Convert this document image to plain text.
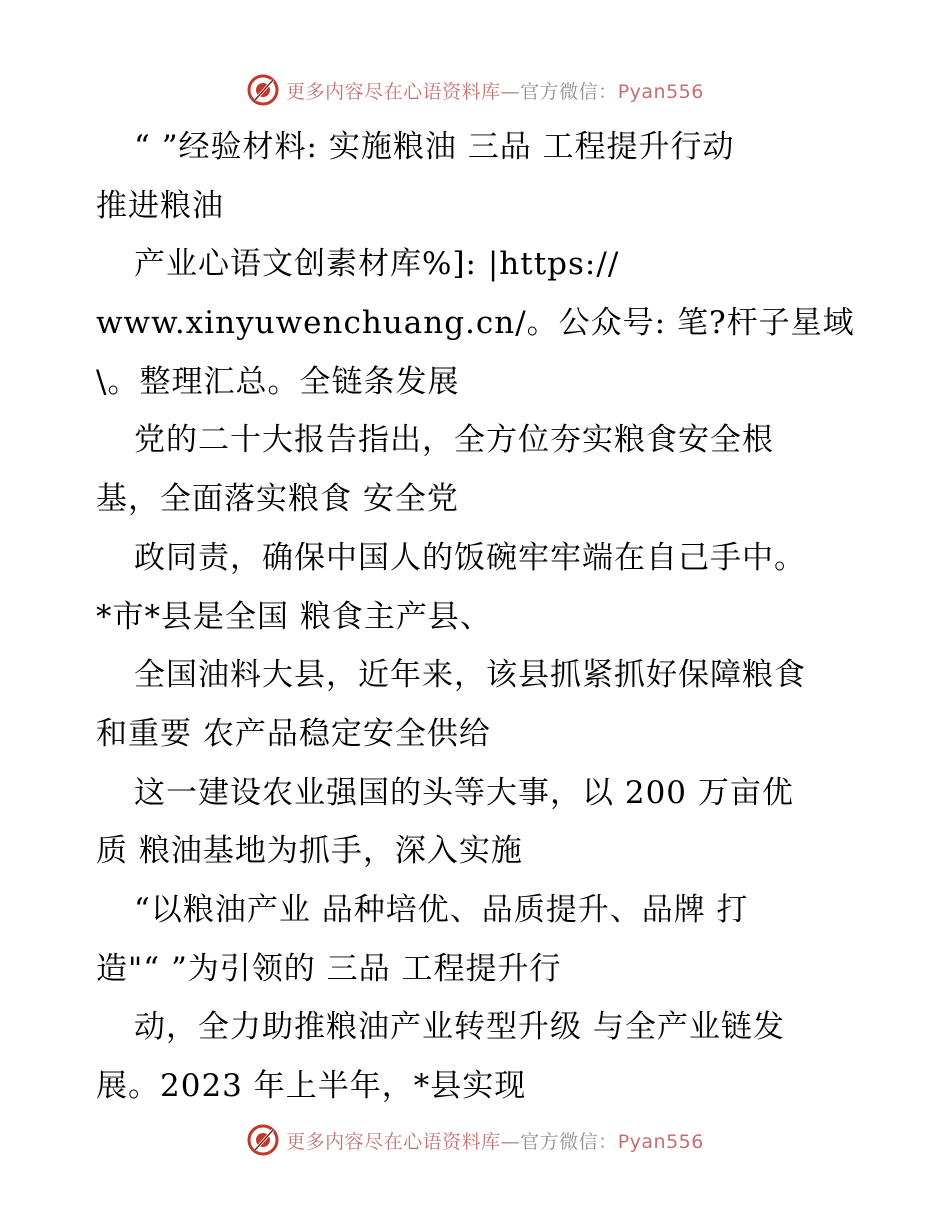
更多内容尽在心语资料库—官方微信：Pyan556
“ ”经验材料: 实施粮油 三品 工程提升行动
推进粮油
产业心语文创素材库%]: |https://
www.xinyuwenchuang.cn/。公众号: 笔?杆子星域
\。整理汇总。全链条发展
党的二十大报告指出，全方位夯实粮食安全根
基，全面落实粮食 安全党
政同责，确保中国人的饭碗牢牢端在自己手中。
*市*县是全国 粮食主产县、
全国油料大县，近年来，该县抓紧抓好保障粮食
和重要 农产品稳定安全供给
这一建设农业强国的头等大事，以 200 万亩优
质 粮油基地为抓手，深入实施
“以粮油产业 品种培优、品质提升、品牌 打
造"“ ”为引领的 三品 工程提升行
动，全力助推粮油产业转型升级 与全产业链发
展。2023 年上半年，*县实现
更多内容尽在心语资料库—官方微信：Pyan556
